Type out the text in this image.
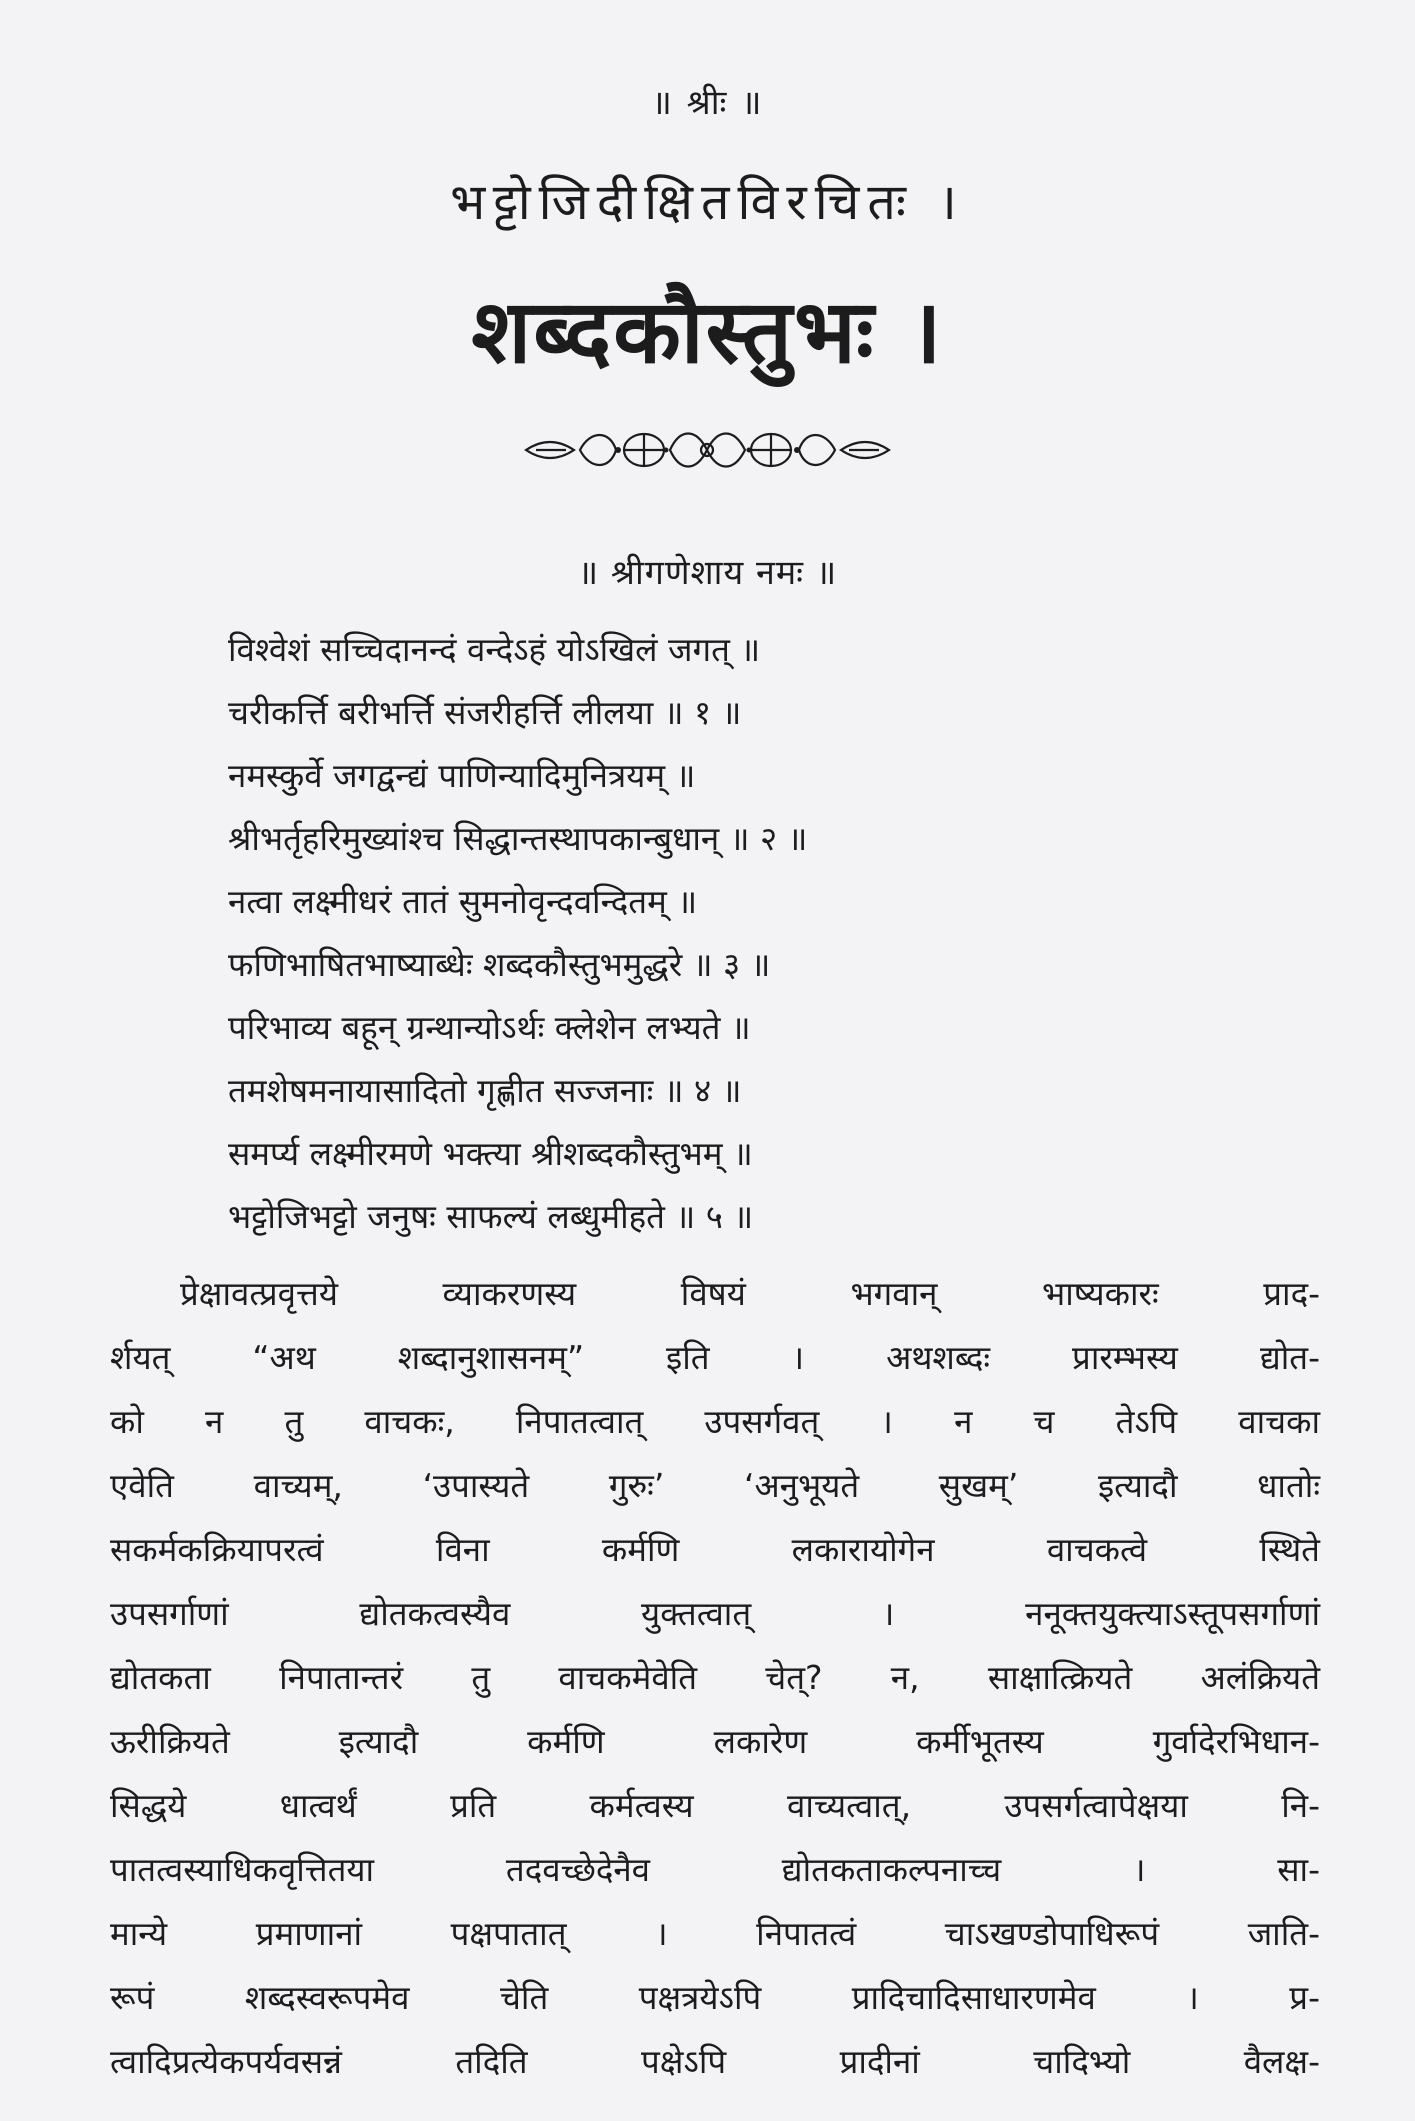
॥ श्रीः ॥
भट्टोजिदीक्षितविरचितः ।
शब्दकौस्तुभः ।
॥ श्रीगणेशाय नमः ॥
विश्वेशं सच्चिदानन्दं वन्देऽहं योऽखिलं जगत् ॥
चरीकर्त्ति बरीभर्त्ति संजरीहर्त्ति लीलया ॥ १ ॥
नमस्कुर्वे जगद्वन्द्यं पाणिन्यादिमुनित्रयम् ॥
श्रीभर्तृहरिमुख्यांश्च सिद्धान्तस्थापकान्बुधान् ॥ २ ॥
नत्वा लक्ष्मीधरं तातं सुमनोवृन्दवन्दितम् ॥
फणिभाषितभाष्याब्धेः शब्दकौस्तुभमुद्धरे ॥ ३ ॥
परिभाव्य बहून् ग्रन्थान्योऽर्थः क्लेशेन लभ्यते ॥
तमशेषमनायासादितो गृह्णीत सज्जनाः ॥ ४ ॥
समर्प्य लक्ष्मीरमणे भक्त्या श्रीशब्दकौस्तुभम् ॥
भट्टोजिभट्टो जनुषः साफल्यं लब्धुमीहते ॥ ५ ॥
प्रेक्षावत्प्रवृत्तये व्याकरणस्य विषयं भगवान् भाष्यकारः प्राद-
र्शयत् “अथ शब्दानुशासनम्” इति । अथशब्दः प्रारम्भस्य द्योत-
को न तु वाचकः, निपातत्वात् उपसर्गवत् । न च तेऽपि वाचका
एवेति वाच्यम्, ‘उपास्यते गुरुः’ ‘अनुभूयते सुखम्’ इत्यादौ धातोः
सकर्मकक्रियापरत्वं विना कर्मणि लकारायोगेन वाचकत्वे स्थिते
उपसर्गाणां द्योतकत्वस्यैव युक्तत्वात् । ननूक्तयुक्त्याऽस्तूपसर्गाणां
द्योतकता निपातान्तरं तु वाचकमेवेति चेत्? न, साक्षात्क्रियते अलंक्रियते
ऊरीक्रियते इत्यादौ कर्मणि लकारेण कर्मीभूतस्य गुर्वादेरभिधान-
सिद्धये धात्वर्थं प्रति कर्मत्वस्य वाच्यत्वात्, उपसर्गत्वापेक्षया नि-
पातत्वस्याधिकवृत्तितया तदवच्छेदेनैव द्योतकताकल्पनाच्च । सा-
मान्ये प्रमाणानां पक्षपातात् । निपातत्वं चाऽखण्डोपाधिरूपं जाति-
रूपं शब्दस्वरूपमेव चेति पक्षत्रयेऽपि प्रादिचादिसाधारणमेव । प्र-
त्वादिप्रत्येकपर्यवसन्नं तदिति पक्षेऽपि प्रादीनां चादिभ्यो वैलक्ष-
